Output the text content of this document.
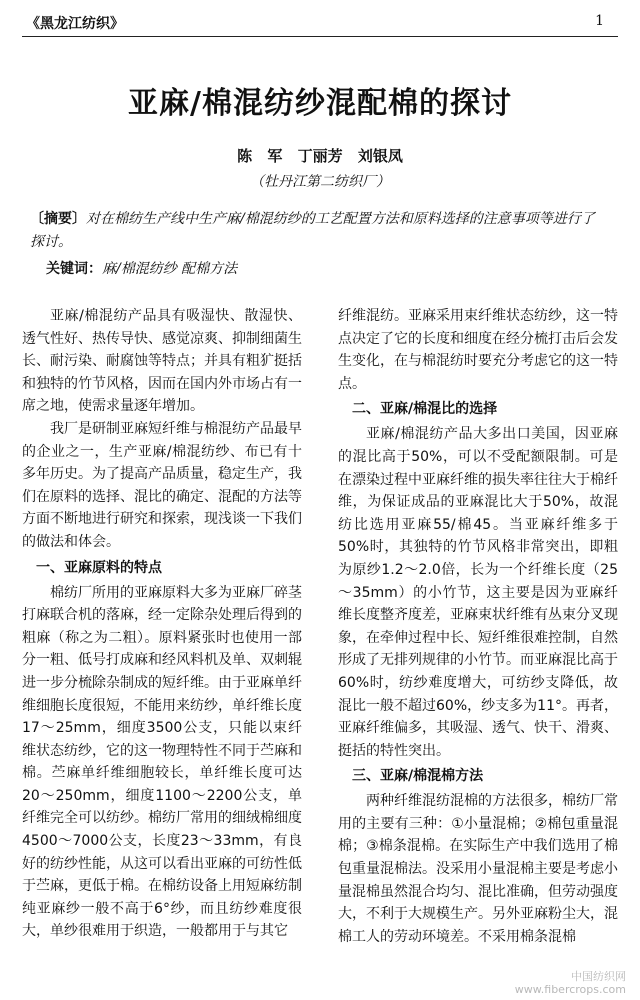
《黑龙江纺织》	1
亚麻/棉混纺纱混配棉的探讨
陈 军 丁丽芳 刘银凤
（牡丹江第二纺织厂）
〔摘要〕对在棉纺生产线中生产麻/棉混纺纱的工艺配置方法和原料选择的注意事项等进行了探讨。
关键词：麻/棉混纺纱 配棉方法

亚麻/棉混纺产品具有吸湿快、散湿快、透气性好、热传导快、感觉凉爽、抑制细菌生长、耐污染、耐腐蚀等特点；并具有粗犷挺括和独特的竹节风格，因而在国内外市场占有一席之地，使需求量逐年增加。

我厂是研制亚麻短纤维与棉混纺产品最早的企业之一，生产亚麻/棉混纺纱、布已有十多年历史。为了提高产品质量，稳定生产，我们在原料的选择、混比的确定、混配的方法等方面不断地进行研究和探索，现浅谈一下我们的做法和体会。

一、亚麻原料的特点

棉纺厂所用的亚麻原料大多为亚麻厂碎茎打麻联合机的落麻，经一定除杂处理后得到的粗麻（称之为二粗）。原料紧张时也使用一部分一粗、低号打成麻和经风料机及单、双刺辊进一步分梳除杂制成的短纤维。由于亚麻单纤维细胞长度很短，不能用来纺纱，单纤维长度17～25mm，细度3500公支，只能以束纤维状态纺纱，它的这一物理特性不同于苎麻和棉。苎麻单纤维细胞较长，单纤维长度可达20～250mm，细度1100～2200公支，单纤维完全可以纺纱。棉纺厂常用的细绒棉细度4500～7000公支，长度23～33mm，有良好的纺纱性能，从这可以看出亚麻的可纺性低于苎麻，更低于棉。在棉纺设备上用短麻纺制纯亚麻纱一般不高于6°纱，而且纺纱难度很大，单纱很难用于织造，一般都用于与其它

纤维混纺。亚麻采用束纤维状态纺纱，这一特点决定了它的长度和细度在经分梳打击后会发生变化，在与棉混纺时要充分考虑它的这一特点。

二、亚麻/棉混比的选择

亚麻/棉混纺产品大多出口美国，因亚麻的混比高于50%，可以不受配额限制。可是在漂染过程中亚麻纤维的损失率往往大于棉纤维，为保证成品的亚麻混比大于50%，故混纺比选用亚麻55/棉45。当亚麻纤维多于50%时，其独特的竹节风格非常突出，即粗为原纱1.2～2.0倍，长为一个纤维长度（25～35mm）的小竹节，这主要是因为亚麻纤维长度整齐度差，亚麻束状纤维有丛束分叉现象，在牵伸过程中长、短纤维很难控制，自然形成了无排列规律的小竹节。而亚麻混比高于60%时，纺纱难度增大，可纺纱支降低，故混比一般不超过60%，纱支多为11°。再者，亚麻纤维偏多，其吸湿、透气、快干、滑爽、挺括的特性突出。

三、亚麻/棉混棉方法

两种纤维混纺混棉的方法很多，棉纺厂常用的主要有三种：①小量混棉；②棉包重量混棉；③棉条混棉。在实际生产中我们选用了棉包重量混棉法。没采用小量混棉主要是考虑小量混棉虽然混合均匀、混比准确，但劳动强度大，不利于大规模生产。另外亚麻粉尘大，混棉工人的劳动环境差。不采用棉条混棉

中国纺织网
www.fibercrops.com
